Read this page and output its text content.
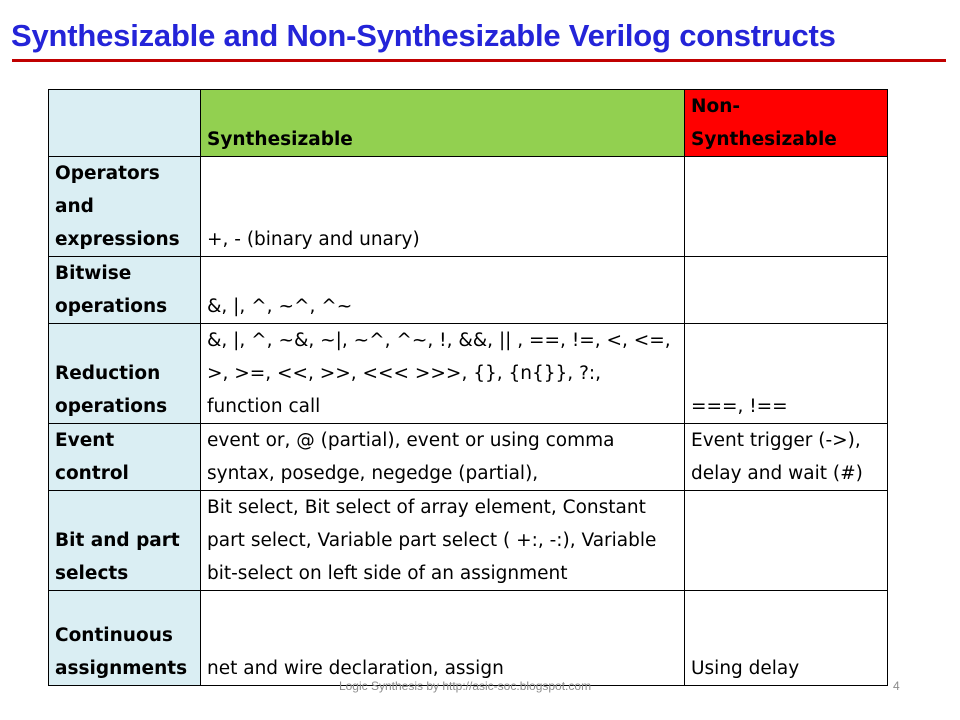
Synthesizable and Non-Synthesizable Verilog constructs
	Synthesizable	Non-Synthesizable
Operators and expressions	+, - (binary and unary)	
Bitwise operations	&, |, ^, ~^, ^~	
Reduction operations	&, |, ^, ~&, ~|, ~^, ^~, !, &&, || , ==, !=, <, <=, >, >=, <<, >>, <<< >>>, {}, {n{}}, ?:, function call	===, !==
Event control	event or, @ (partial), event or using comma syntax, posedge, negedge (partial),	Event trigger (->), delay and wait (#)
Bit and part selects	Bit select, Bit select of array element, Constant part select, Variable part select ( +:, -:), Variable bit-select on left side of an assignment	
Continuous assignments	net and wire declaration, assign	Using delay
Logic Synthesis by http://asic-soc.blogspot.com	4
